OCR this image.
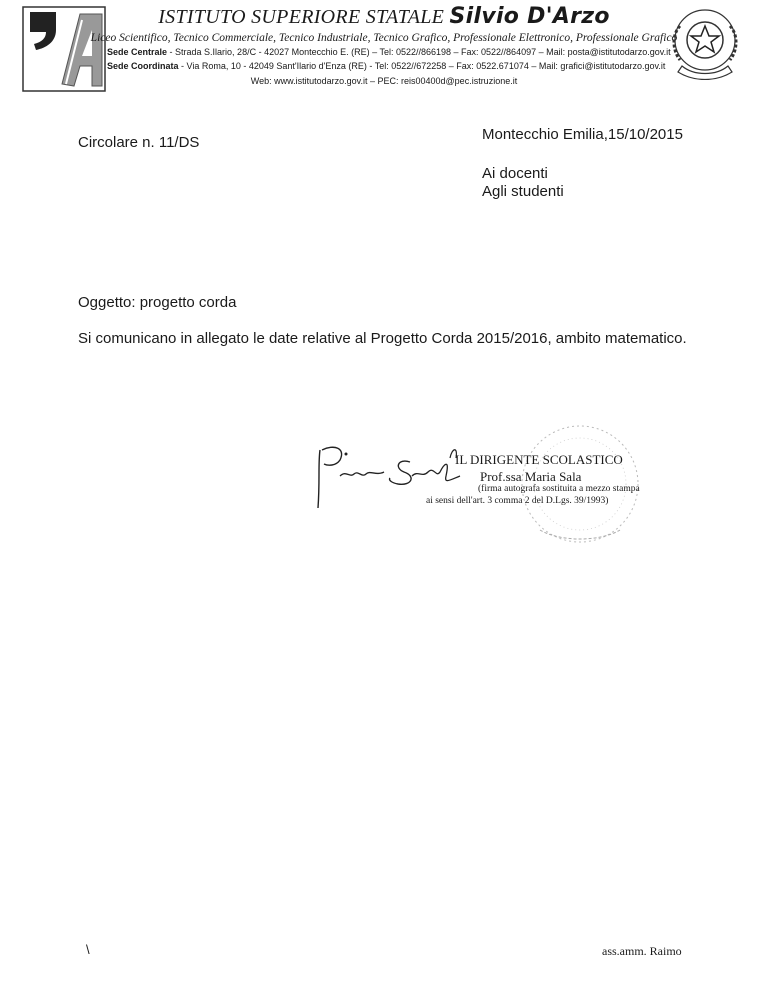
ISTITUTO SUPERIORE STATALE Silvio D'Arzo
Liceo Scientifico, Tecnico Commerciale, Tecnico Industriale, Tecnico Grafico, Professionale Elettronico, Professionale Grafico
Sede Centrale - Strada S.Ilario, 28/C - 42027 Montecchio E. (RE) – Tel: 0522//866198 – Fax: 0522//864097 – Mail: posta@istitutodarzo.gov.it
Sede Coordinata - Via Roma, 10 - 42049 Sant'Ilario d'Enza (RE) - Tel: 0522//672258 – Fax: 0522.671074 – Mail: grafici@istitutodarzo.gov.it
Web: www.istitutodarzo.gov.it – PEC: reis00400d@pec.istruzione.it
Circolare n. 11/DS	Montecchio Emilia,15/10/2015
Ai docenti
Agli studenti
Oggetto: progetto corda
Si comunicano in allegato le date relative al Progetto Corda 2015/2016, ambito matematico.
IL DIRIGENTE SCOLASTICO
Prof.ssa Maria Sala
(firma autografa sostituita a mezzo stampa
ai sensi dell'art. 3 comma 2 del D.Lgs. 39/1993)
\	ass.amm. Raimo
